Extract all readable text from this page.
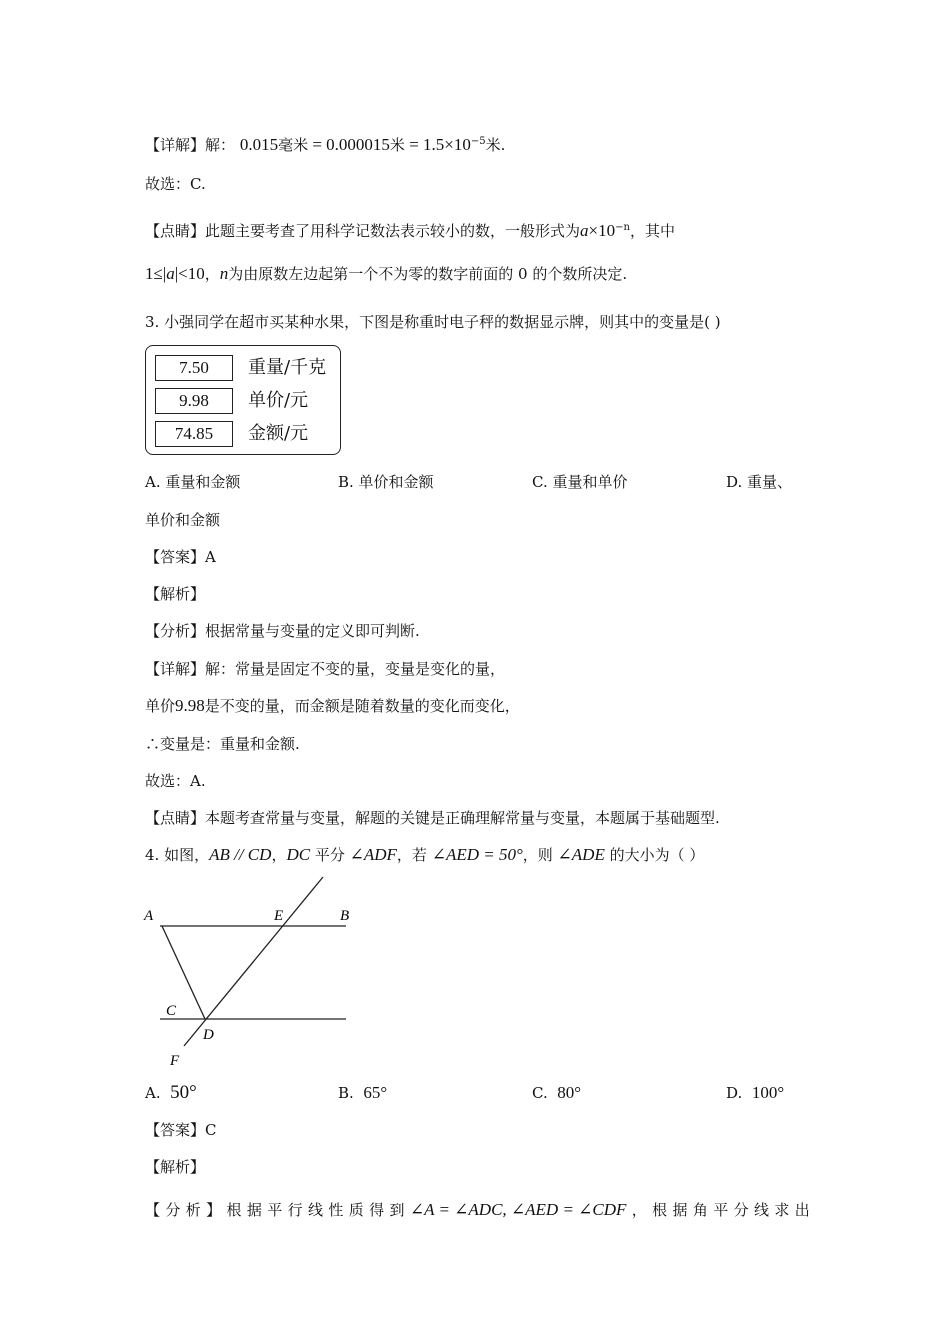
【详解】解： 0.015毫米 = 0.000015米 = $1.5\times 10^{-5}$米.
故选：C.
【点睛】此题主要考查了用科学记数法表示较小的数，一般形式为$a\times 10^{-n}$，其中
1≤|a|<10，n为由原数左边起第一个不为零的数字前面的 0 的个数所决定.
3. 小强同学在超市买某种水果，下图是称重时电子秤的数据显示牌，则其中的变量是( )
7.50	重量/千克
9.98	单价/元
74.85	金额/元
A. 重量和金额	B. 单价和金额	C. 重量和单价	D. 重量、
单价和金额
【答案】A
【解析】
【分析】根据常量与变量的定义即可判断.
【详解】解：常量是固定不变的量，变量是变化的量，
单价9.98是不变的量，而金额是随着数量的变化而变化，
∴变量是：重量和金额.
故选：A.
【点睛】本题考查常量与变量，解题的关键是正确理解常量与变量，本题属于基础题型.
4. 如图，AB // CD，DC 平分 ∠ADF，若 ∠AED = 50°，则 ∠ADE 的大小为（ ）
A	E	B
C
D
F
A. 50°	B. 65°	C. 80°	D. 100°
【答案】C
【解析】
【 分 析 】 根 据 平 行 线 性 质 得 到 ∠A = ∠ADC, ∠AED = ∠CDF ， 根 据 角 平 分 线 求 出
